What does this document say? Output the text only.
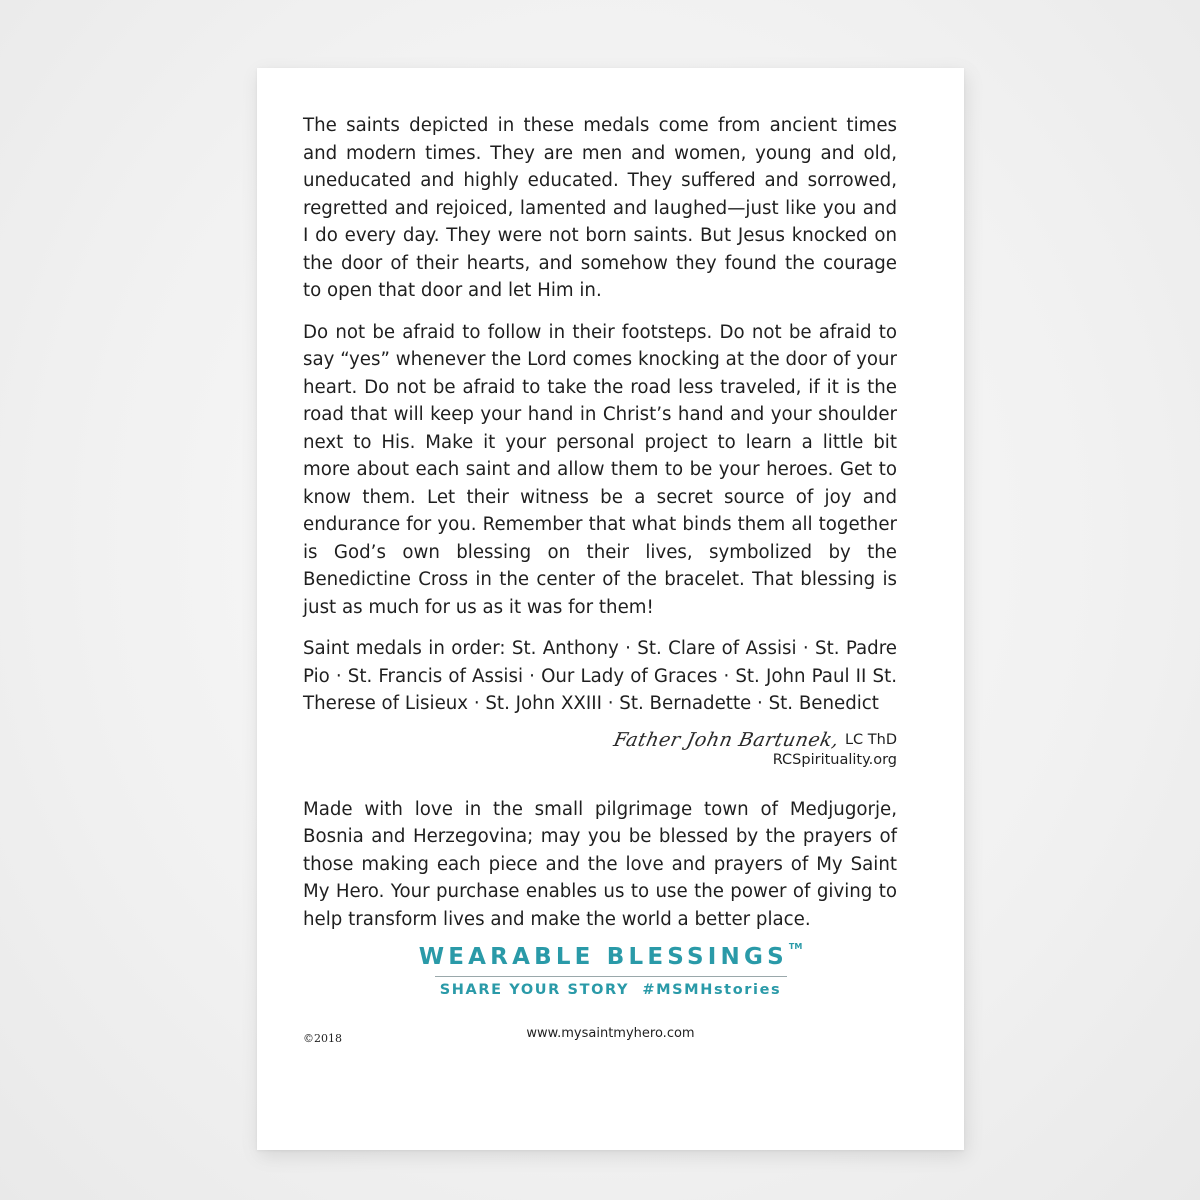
The saints depicted in these medals come from ancient times and modern times. They are men and women, young and old, uneducated and highly educated. They suffered and sorrowed, regretted and rejoiced, lamented and laughed—just like you and I do every day. They were not born saints. But Jesus knocked on the door of their hearts, and somehow they found the courage to open that door and let Him in.

Do not be afraid to follow in their footsteps. Do not be afraid to say “yes” whenever the Lord comes knocking at the door of your heart. Do not be afraid to take the road less traveled, if it is the road that will keep your hand in Christ’s hand and your shoulder next to His. Make it your personal project to learn a little bit more about each saint and allow them to be your heroes. Get to know them. Let their witness be a secret source of joy and endurance for you. Remember that what binds them all together is God’s own blessing on their lives, symbolized by the Benedictine Cross in the center of the bracelet. That blessing is just as much for us as it was for them!

Saint medals in order: St. Anthony · St. Clare of Assisi · St. Padre Pio · St. Francis of Assisi · Our Lady of Graces · St. John Paul II St. Therese of Lisieux · St. John XXIII · St. Bernadette · St. Benedict

Father John Bartunek, LC ThD
RCSpirituality.org

Made with love in the small pilgrimage town of Medjugorje, Bosnia and Herzegovina; may you be blessed by the prayers of those making each piece and the love and prayers of My Saint My Hero. Your purchase enables us to use the power of giving to help transform lives and make the world a better place.

WEARABLE BLESSINGS™
SHARE YOUR STORY  #MSMHstories
©2018	www.mysaintmyhero.com
